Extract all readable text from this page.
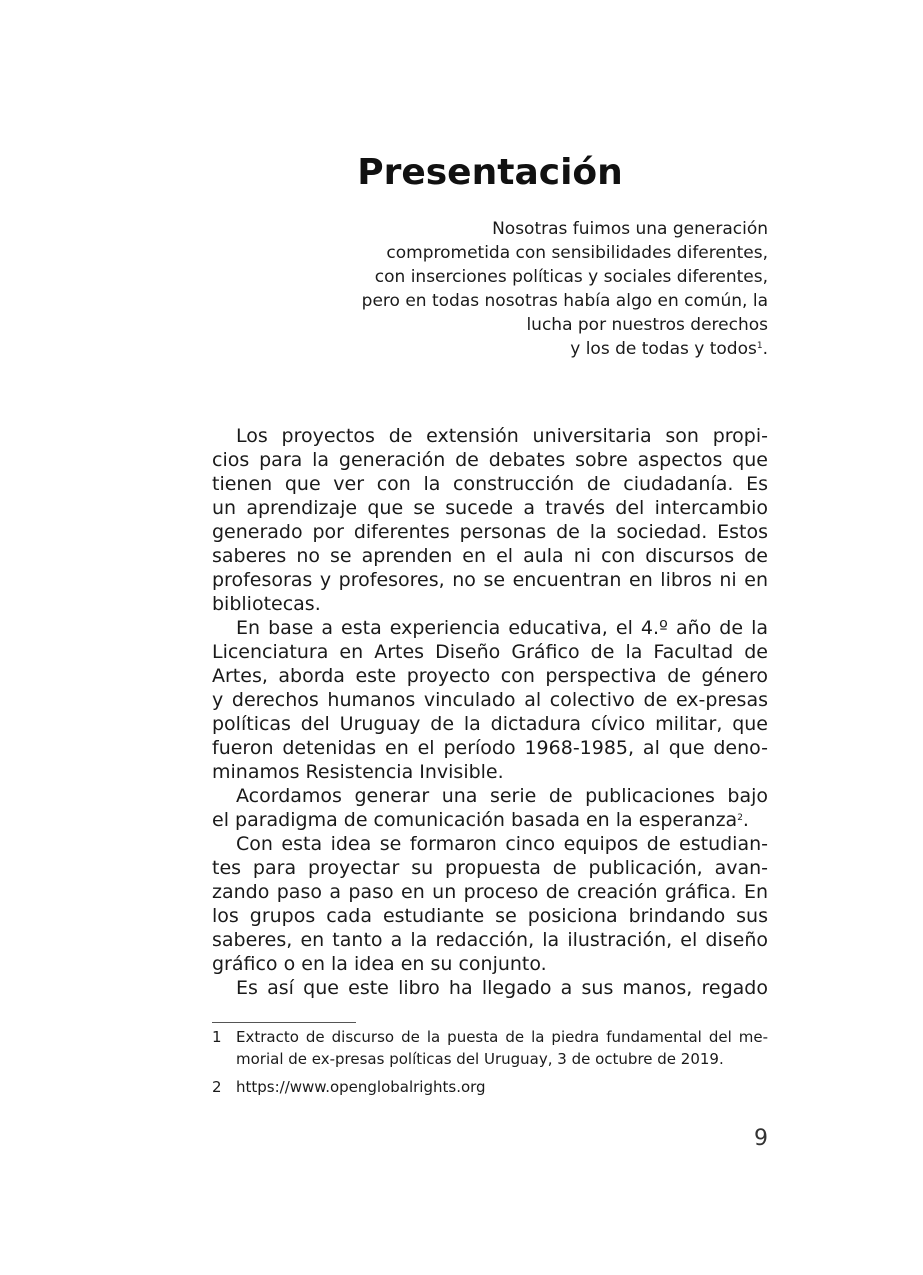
Presentación
Nosotras fuimos una generación
comprometida con sensibilidades diferentes,
con inserciones políticas y sociales diferentes,
pero en todas nosotras había algo en común, la
lucha por nuestros derechos
y los de todas y todos$^1$.
Los proyectos de extensión universitaria son propi-
cios para la generación de debates sobre aspectos que
tienen que ver con la construcción de ciudadanía. Es
un aprendizaje que se sucede a través del intercambio
generado por diferentes personas de la sociedad. Estos
saberes no se aprenden en el aula ni con discursos de
profesoras y profesores, no se encuentran en libros ni en
bibliotecas.
En base a esta experiencia educativa, el 4.º año de la
Licenciatura en Artes Diseño Gráfico de la Facultad de
Artes, aborda este proyecto con perspectiva de género
y derechos humanos vinculado al colectivo de ex-presas
políticas del Uruguay de la dictadura cívico militar, que
fueron detenidas en el período 1968-1985, al que deno-
minamos Resistencia Invisible.
Acordamos generar una serie de publicaciones bajo
el paradigma de comunicación basada en la esperanza$^2$.
Con esta idea se formaron cinco equipos de estudian-
tes para proyectar su propuesta de publicación, avan-
zando paso a paso en un proceso de creación gráfica. En
los grupos cada estudiante se posiciona brindando sus
saberes, en tanto a la redacción, la ilustración, el diseño
gráfico o en la idea en su conjunto.
Es así que este libro ha llegado a sus manos, regado
1 Extracto de discurso de la puesta de la piedra fundamental del me-
morial de ex-presas políticas del Uruguay, 3 de octubre de 2019.
2 https://www.openglobalrights.org
9
